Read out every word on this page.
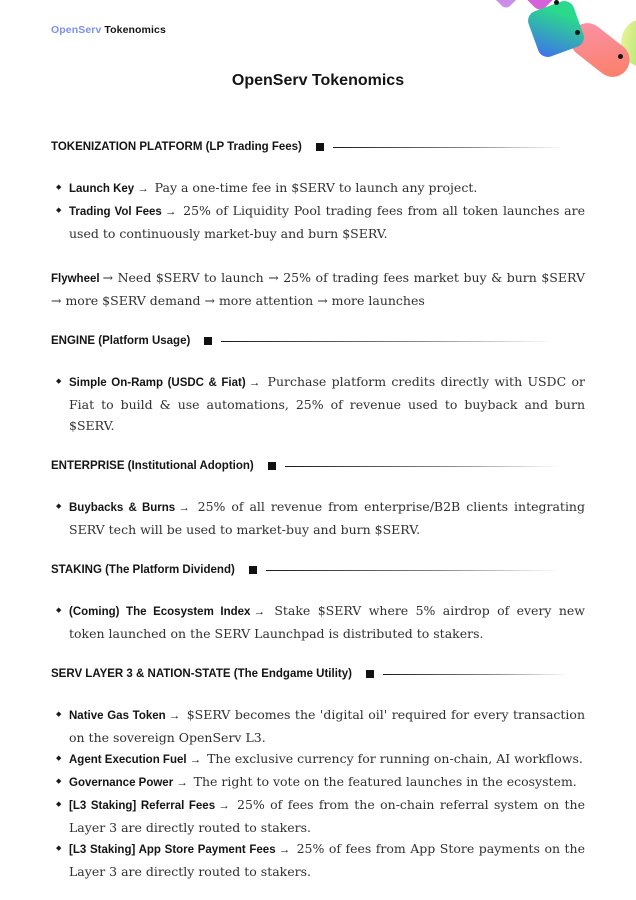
OpenServ Tokenomics
OpenServ Tokenomics
TOKENIZATION PLATFORM (LP Trading Fees)
◆ Launch Key → Pay a one-time fee in $SERV to launch any project.
◆ Trading Vol Fees → 25% of Liquidity Pool trading fees from all token launches are used to continuously market-buy and burn $SERV.

Flywheel → Need $SERV to launch → 25% of trading fees market buy & burn $SERV → more $SERV demand → more attention → more launches

ENGINE (Platform Usage)
◆ Simple On-Ramp (USDC & Fiat) → Purchase platform credits directly with USDC or Fiat to build & use automations, 25% of revenue used to buyback and burn $SERV.
ENTERPRISE (Institutional Adoption)
◆ Buybacks & Burns → 25% of all revenue from enterprise/B2B clients integrating SERV tech will be used to market-buy and burn $SERV.
STAKING (The Platform Dividend)
◆ (Coming) The Ecosystem Index → Stake $SERV where 5% airdrop of every new token launched on the SERV Launchpad is distributed to stakers.
SERV LAYER 3 & NATION-STATE (The Endgame Utility)
◆ Native Gas Token → $SERV becomes the 'digital oil' required for every transaction on the sovereign OpenServ L3.
◆ Agent Execution Fuel → The exclusive currency for running on-chain, AI workflows.
◆ Governance Power → The right to vote on the featured launches in the ecosystem.
◆ [L3 Staking] Referral Fees → 25% of fees from the on-chain referral system on the Layer 3 are directly routed to stakers.
◆ [L3 Staking] App Store Payment Fees → 25% of fees from App Store payments on the Layer 3 are directly routed to stakers.
